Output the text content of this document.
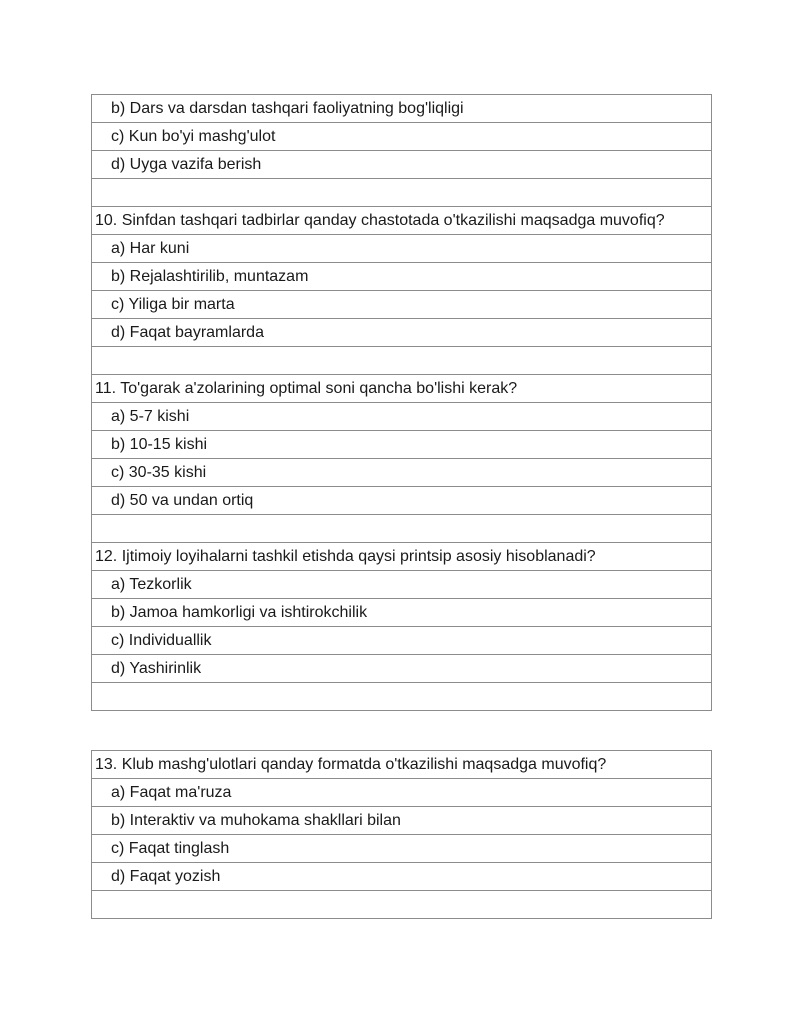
b) Dars va darsdan tashqari faoliyatning bog'liqligi
c) Kun bo'yi mashg'ulot
d) Uyga vazifa berish
10. Sinfdan tashqari tadbirlar qanday chastotada o'tkazilishi maqsadga muvofiq?
a) Har kuni
b) Rejalashtirilib, muntazam
c) Yiliga bir marta
d) Faqat bayramlarda
11. To'garak a'zolarining optimal soni qancha bo'lishi kerak?
a) 5-7 kishi
b) 10-15 kishi
c) 30-35 kishi
d) 50 va undan ortiq
12. Ijtimoiy loyihalarni tashkil etishda qaysi printsip asosiy hisoblanadi?
a) Tezkorlik
b) Jamoa hamkorligi va ishtirokchilik
c) Individuallik
d) Yashirinlik
13. Klub mashg'ulotlari qanday formatda o'tkazilishi maqsadga muvofiq?
a) Faqat ma'ruza
b) Interaktiv va muhokama shakllari bilan
c) Faqat tinglash
d) Faqat yozish
